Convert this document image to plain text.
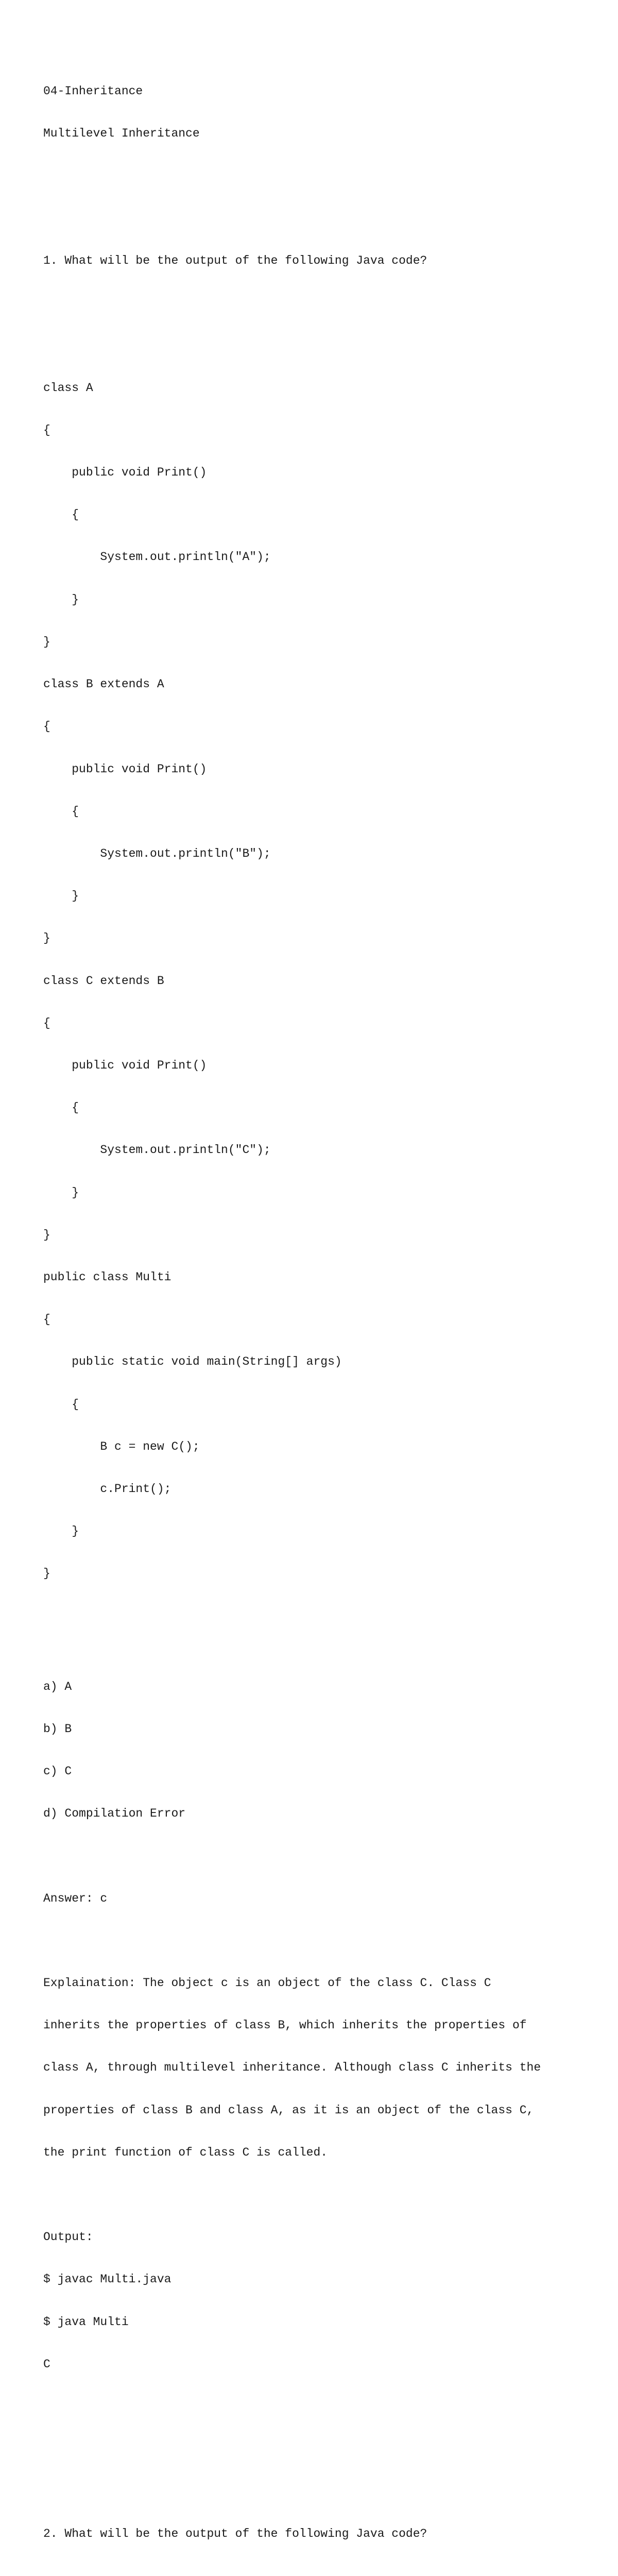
04-Inheritance

Multilevel Inheritance

1. What will be the output of the following Java code?

class A

{

public void Print()

{

System.out.println("A");

}

}

class B extends A

{

public void Print()

{

System.out.println("B");

}

}

class C extends B

{

public void Print()

{

System.out.println("C");

}

}

public class Multi

{

public static void main(String[] args)

{

B c = new C();

c.Print();

}

}

a) A

b) B

c) C

d) Compilation Error

Answer: c

Explaination: The object c is an object of the class C. Class C

inherits the properties of class B, which inherits the properties of

class A, through multilevel inheritance. Although class C inherits the

properties of class B and class A, as it is an object of the class C,

the print function of class C is called.

Output:

$ javac Multi.java

$ java Multi

C

2. What will be the output of the following Java code?
